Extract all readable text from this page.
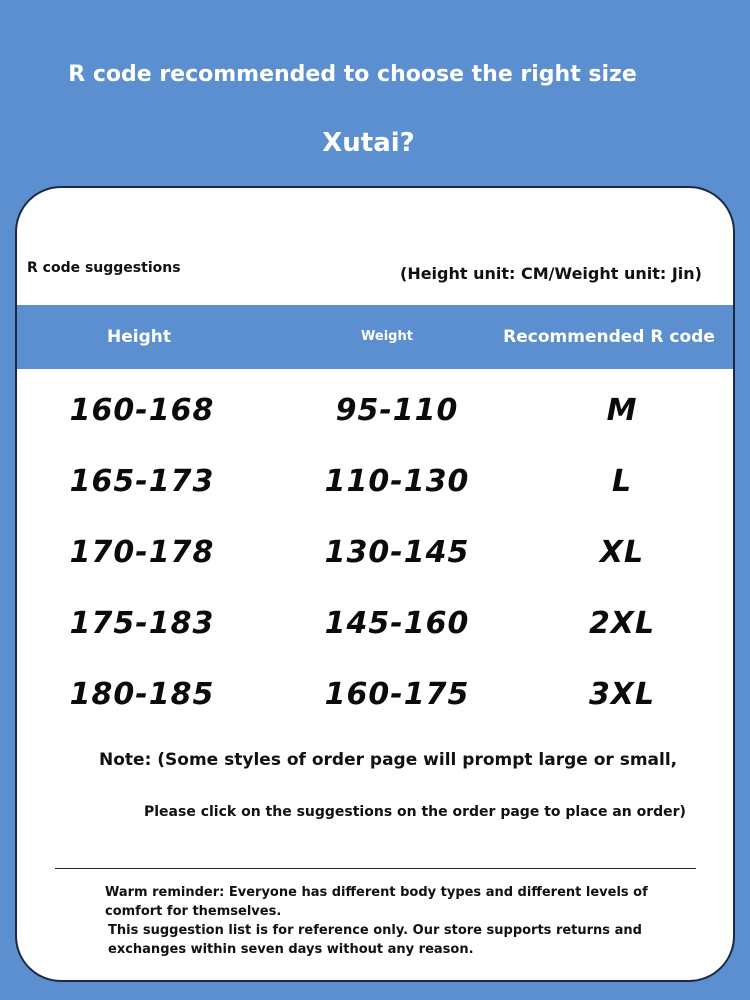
R code recommended to choose the right size
Xutai?
R code suggestions	(Height unit: CM/Weight unit: Jin)
Height	Weight	Recommended R code
160-168	95-110	M
165-173	110-130	L
170-178	130-145	XL
175-183	145-160	2XL
180-185	160-175	3XL
Note: (Some styles of order page will prompt large or small,
Please click on the suggestions on the order page to place an order)
Warm reminder: Everyone has different body types and different levels of comfort for themselves.
This suggestion list is for reference only. Our store supports returns and exchanges within seven days without any reason.
